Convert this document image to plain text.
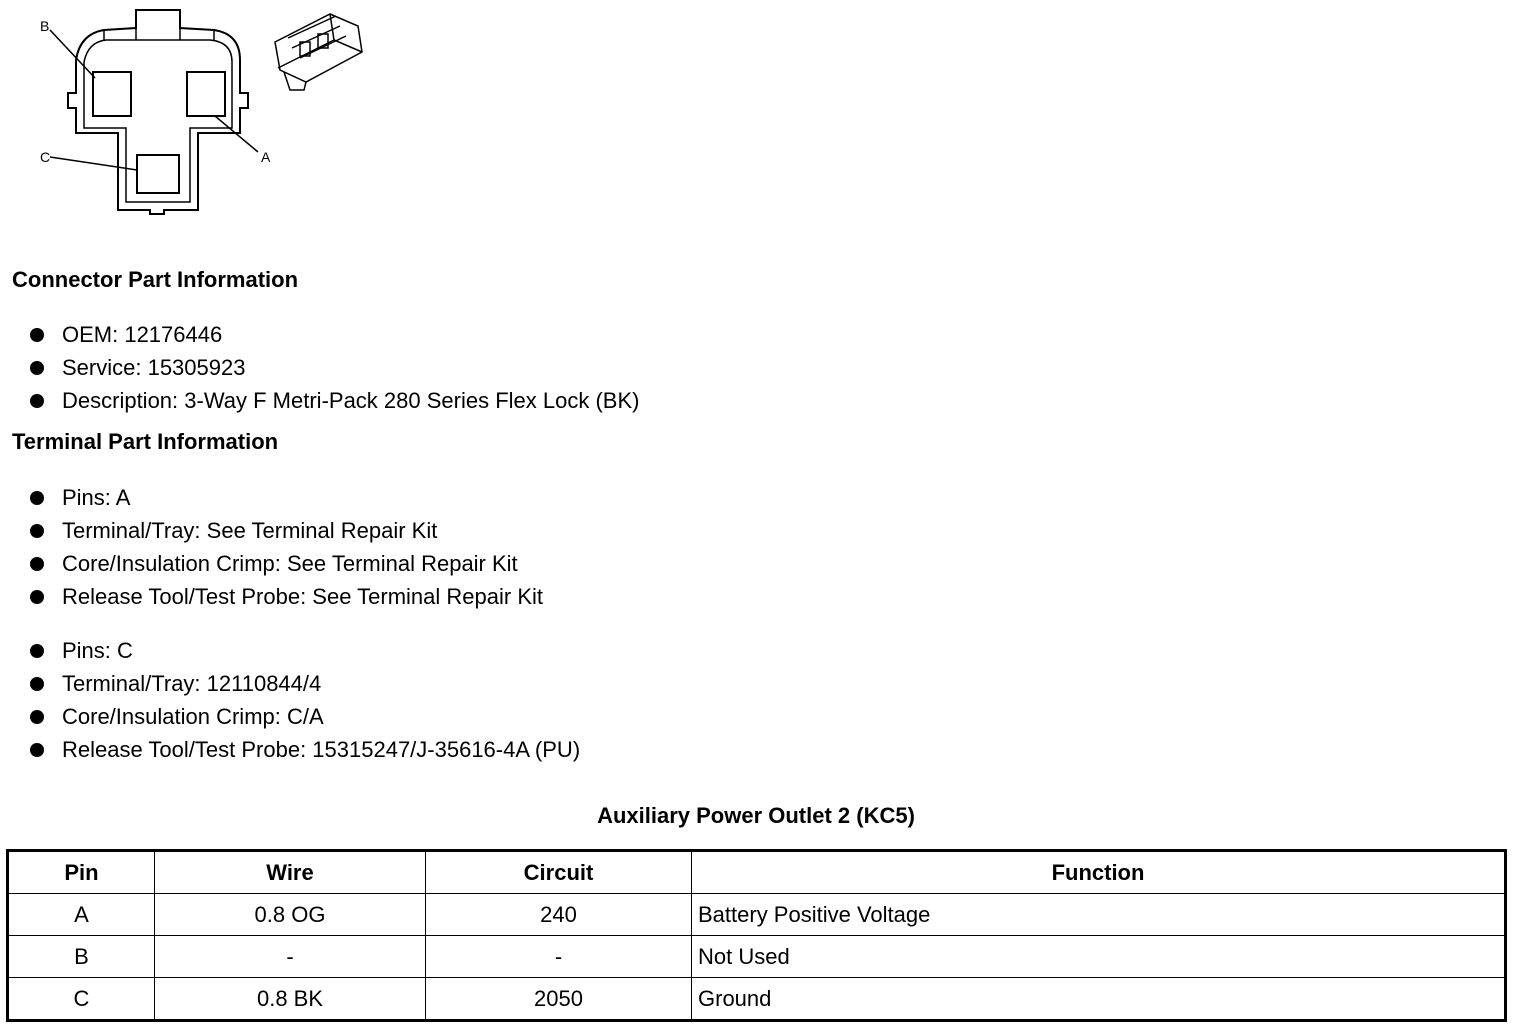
B
A
C
Connector Part Information
OEM: 12176446
Service: 15305923
Description: 3-Way F Metri-Pack 280 Series Flex Lock (BK)
Terminal Part Information
Pins: A
Terminal/Tray: See Terminal Repair Kit
Core/Insulation Crimp: See Terminal Repair Kit
Release Tool/Test Probe: See Terminal Repair Kit
Pins: C
Terminal/Tray: 12110844/4
Core/Insulation Crimp: C/A
Release Tool/Test Probe: 15315247/J-35616-4A (PU)
Auxiliary Power Outlet 2 (KC5)
Pin	Wire	Circuit	Function
A	0.8 OG	240	Battery Positive Voltage
B	-	-	Not Used
C	0.8 BK	2050	Ground
